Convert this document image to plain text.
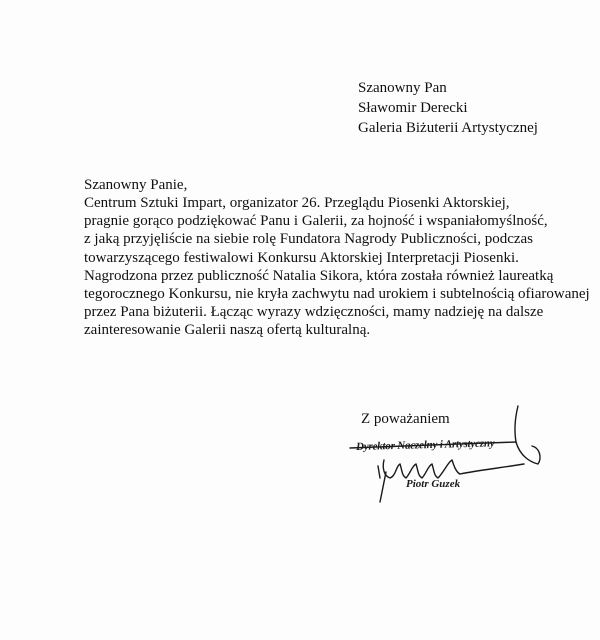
Szanowny Pan
Sławomir Derecki
Galeria Biżuterii Artystycznej
Szanowny Panie,
Centrum Sztuki Impart, organizator 26. Przeglądu Piosenki Aktorskiej,
pragnie gorąco podziękować Panu i Galerii, za hojność i wspaniałomyślność,
z jaką przyjęliście na siebie rolę Fundatora Nagrody Publiczności, podczas
towarzyszącego festiwalowi Konkursu Aktorskiej Interpretacji Piosenki.
Nagrodzona przez publiczność Natalia Sikora, która została również laureatką
tegorocznego Konkursu, nie kryła zachwytu nad urokiem i subtelnością ofiarowanej
przez Pana biżuterii. Łącząc wyrazy wdzięczności, mamy nadzieję na dalsze
zainteresowanie Galerii naszą ofertą kulturalną.
Z poważaniem
Dyrektor Naczelny i Artystyczny
Piotr Guzek
